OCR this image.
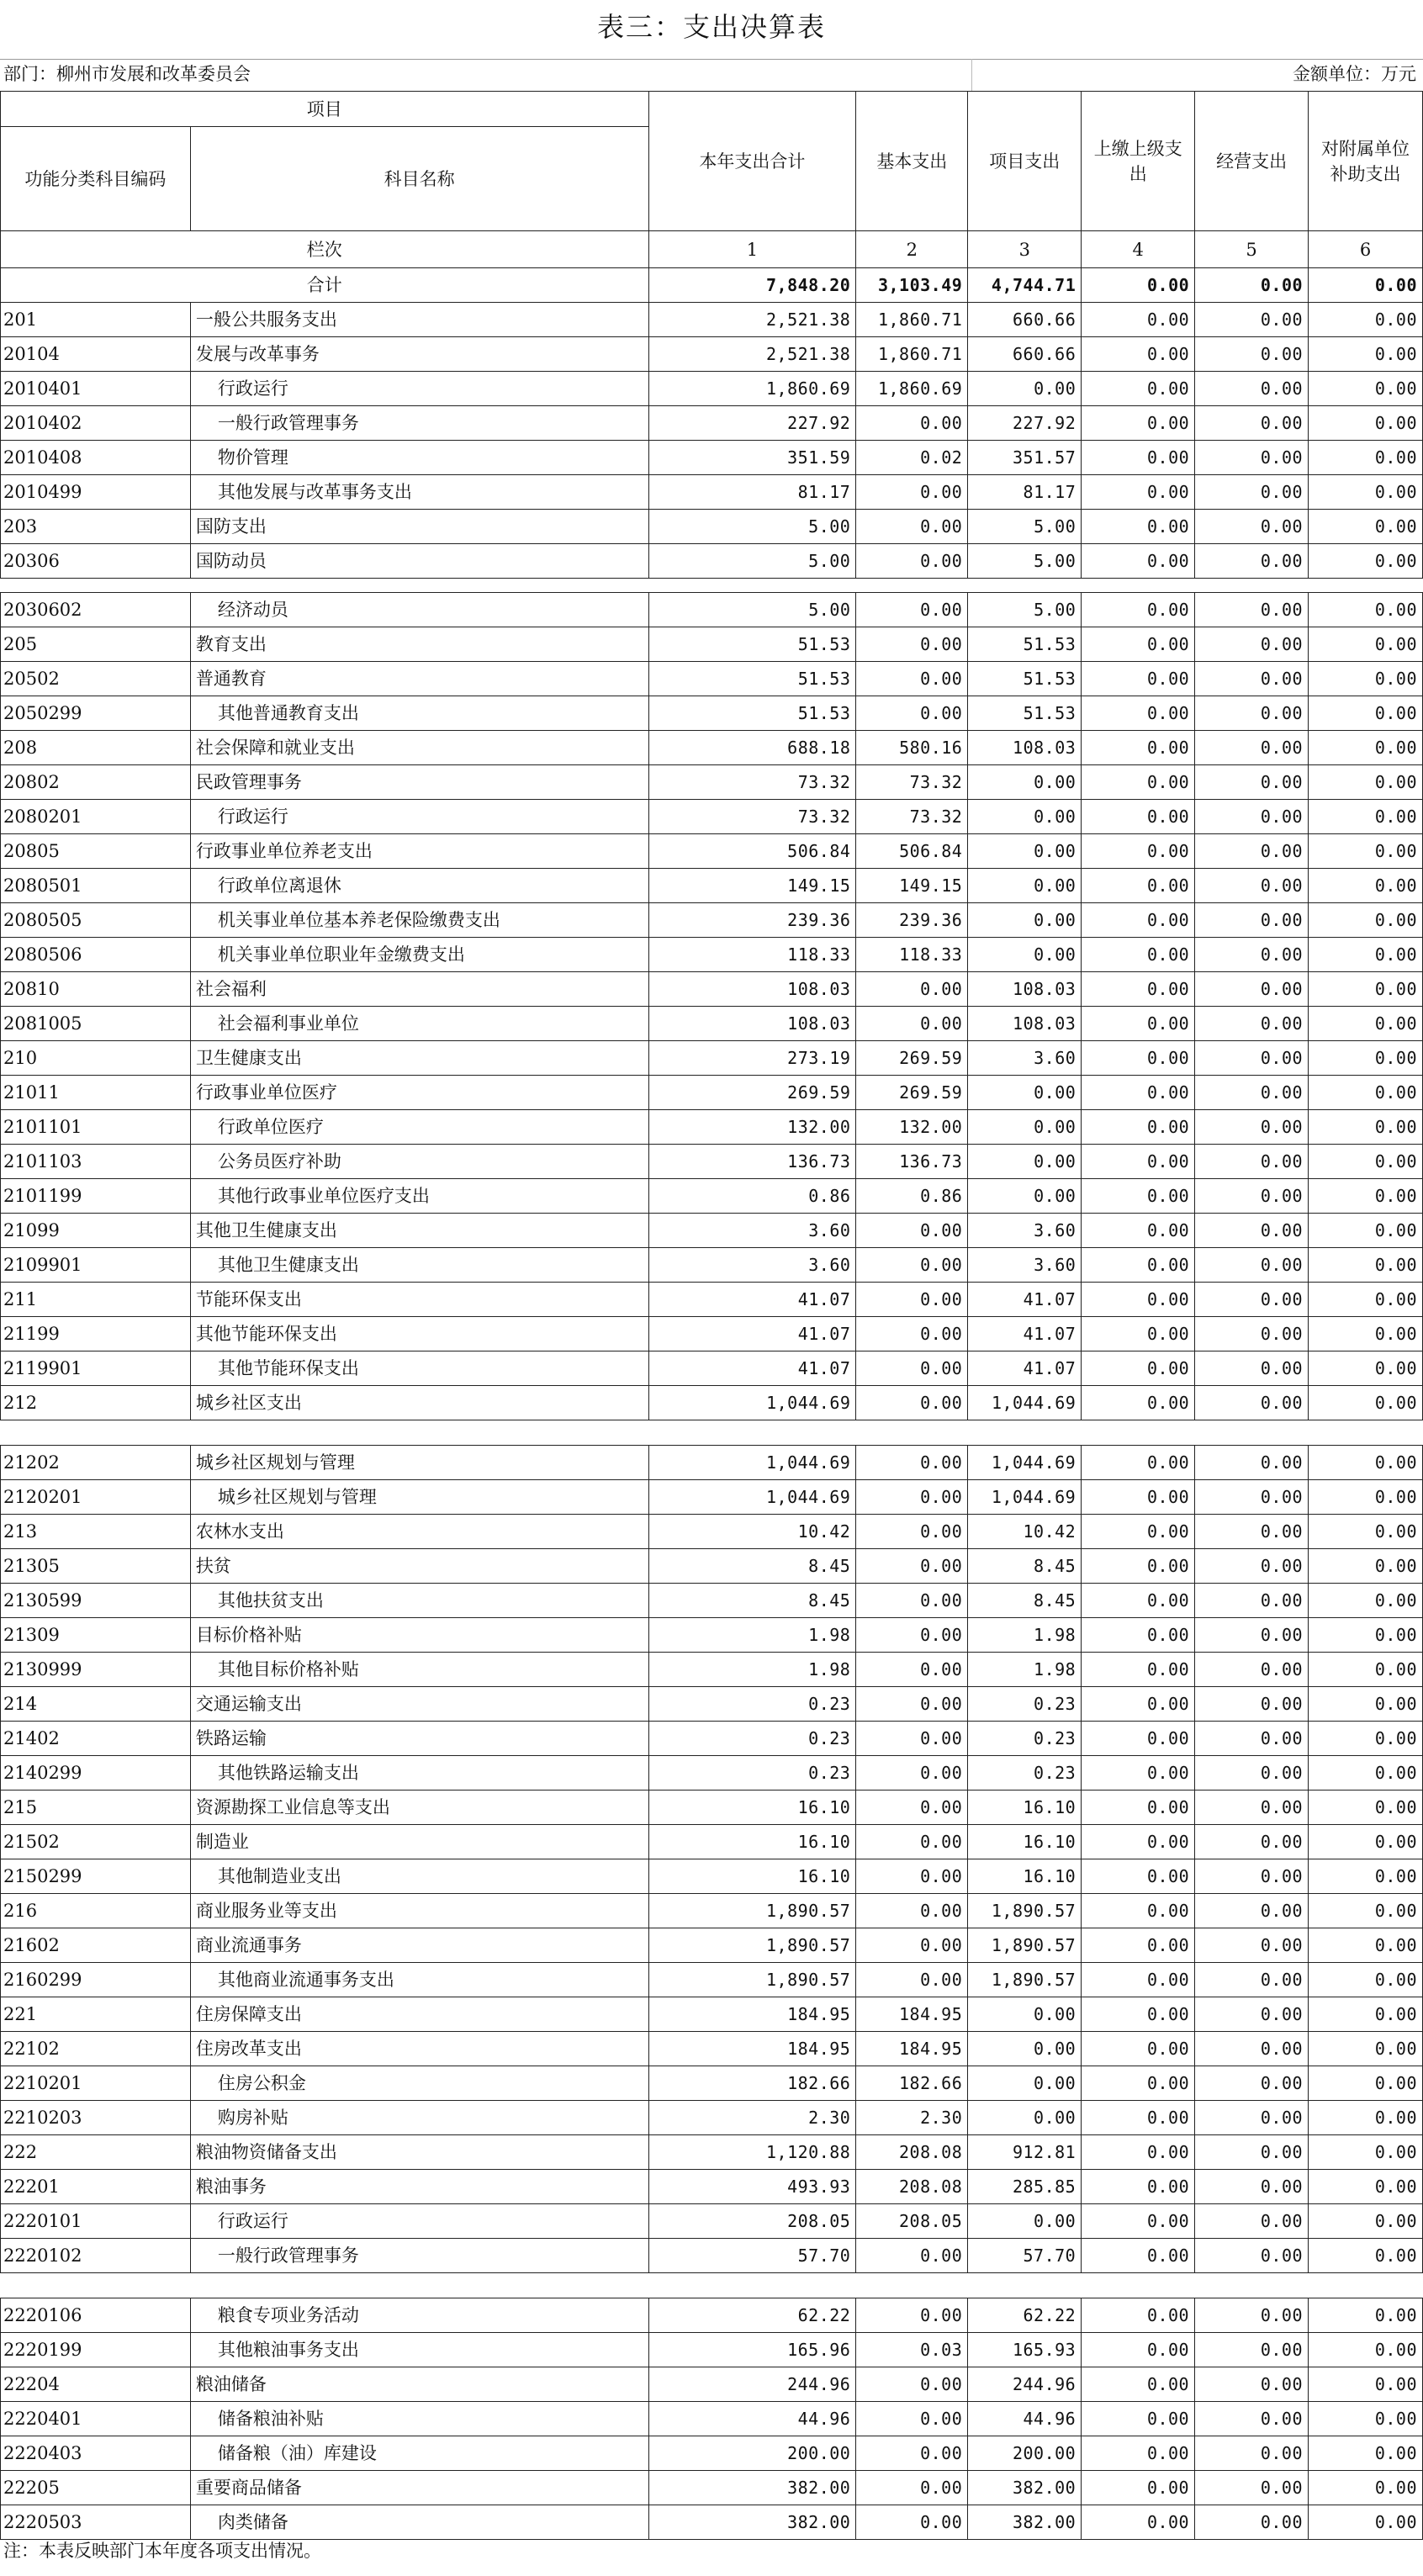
表三：支出决算表
部门：柳州市发展和改革委员会	金额单位：万元
项目		本年支出合计	基本支出	项目支出	上缴上级支出	经营支出	对附属单位补助支出
功能分类科目编码	科目名称						
栏次		1	2	3	4	5	6
合计		7,848.20	3,103.49	4,744.71	0.00	0.00	0.00
201	一般公共服务支出	2,521.38	1,860.71	660.66	0.00	0.00	0.00
20104	发展与改革事务	2,521.38	1,860.71	660.66	0.00	0.00	0.00
2010401	行政运行	1,860.69	1,860.69	0.00	0.00	0.00	0.00
2010402	一般行政管理事务	227.92	0.00	227.92	0.00	0.00	0.00
2010408	物价管理	351.59	0.02	351.57	0.00	0.00	0.00
2010499	其他发展与改革事务支出	81.17	0.00	81.17	0.00	0.00	0.00
203	国防支出	5.00	0.00	5.00	0.00	0.00	0.00
20306	国防动员	5.00	0.00	5.00	0.00	0.00	0.00
2030602	经济动员	5.00	0.00	5.00	0.00	0.00	0.00
205	教育支出	51.53	0.00	51.53	0.00	0.00	0.00
20502	普通教育	51.53	0.00	51.53	0.00	0.00	0.00
2050299	其他普通教育支出	51.53	0.00	51.53	0.00	0.00	0.00
208	社会保障和就业支出	688.18	580.16	108.03	0.00	0.00	0.00
20802	民政管理事务	73.32	73.32	0.00	0.00	0.00	0.00
2080201	行政运行	73.32	73.32	0.00	0.00	0.00	0.00
20805	行政事业单位养老支出	506.84	506.84	0.00	0.00	0.00	0.00
2080501	行政单位离退休	149.15	149.15	0.00	0.00	0.00	0.00
2080505	机关事业单位基本养老保险缴费支出	239.36	239.36	0.00	0.00	0.00	0.00
2080506	机关事业单位职业年金缴费支出	118.33	118.33	0.00	0.00	0.00	0.00
20810	社会福利	108.03	0.00	108.03	0.00	0.00	0.00
2081005	社会福利事业单位	108.03	0.00	108.03	0.00	0.00	0.00
210	卫生健康支出	273.19	269.59	3.60	0.00	0.00	0.00
21011	行政事业单位医疗	269.59	269.59	0.00	0.00	0.00	0.00
2101101	行政单位医疗	132.00	132.00	0.00	0.00	0.00	0.00
2101103	公务员医疗补助	136.73	136.73	0.00	0.00	0.00	0.00
2101199	其他行政事业单位医疗支出	0.86	0.86	0.00	0.00	0.00	0.00
21099	其他卫生健康支出	3.60	0.00	3.60	0.00	0.00	0.00
2109901	其他卫生健康支出	3.60	0.00	3.60	0.00	0.00	0.00
211	节能环保支出	41.07	0.00	41.07	0.00	0.00	0.00
21199	其他节能环保支出	41.07	0.00	41.07	0.00	0.00	0.00
2119901	其他节能环保支出	41.07	0.00	41.07	0.00	0.00	0.00
212	城乡社区支出	1,044.69	0.00	1,044.69	0.00	0.00	0.00
21202	城乡社区规划与管理	1,044.69	0.00	1,044.69	0.00	0.00	0.00
2120201	城乡社区规划与管理	1,044.69	0.00	1,044.69	0.00	0.00	0.00
213	农林水支出	10.42	0.00	10.42	0.00	0.00	0.00
21305	扶贫	8.45	0.00	8.45	0.00	0.00	0.00
2130599	其他扶贫支出	8.45	0.00	8.45	0.00	0.00	0.00
21309	目标价格补贴	1.98	0.00	1.98	0.00	0.00	0.00
2130999	其他目标价格补贴	1.98	0.00	1.98	0.00	0.00	0.00
214	交通运输支出	0.23	0.00	0.23	0.00	0.00	0.00
21402	铁路运输	0.23	0.00	0.23	0.00	0.00	0.00
2140299	其他铁路运输支出	0.23	0.00	0.23	0.00	0.00	0.00
215	资源勘探工业信息等支出	16.10	0.00	16.10	0.00	0.00	0.00
21502	制造业	16.10	0.00	16.10	0.00	0.00	0.00
2150299	其他制造业支出	16.10	0.00	16.10	0.00	0.00	0.00
216	商业服务业等支出	1,890.57	0.00	1,890.57	0.00	0.00	0.00
21602	商业流通事务	1,890.57	0.00	1,890.57	0.00	0.00	0.00
2160299	其他商业流通事务支出	1,890.57	0.00	1,890.57	0.00	0.00	0.00
221	住房保障支出	184.95	184.95	0.00	0.00	0.00	0.00
22102	住房改革支出	184.95	184.95	0.00	0.00	0.00	0.00
2210201	住房公积金	182.66	182.66	0.00	0.00	0.00	0.00
2210203	购房补贴	2.30	2.30	0.00	0.00	0.00	0.00
222	粮油物资储备支出	1,120.88	208.08	912.81	0.00	0.00	0.00
22201	粮油事务	493.93	208.08	285.85	0.00	0.00	0.00
2220101	行政运行	208.05	208.05	0.00	0.00	0.00	0.00
2220102	一般行政管理事务	57.70	0.00	57.70	0.00	0.00	0.00
2220106	粮食专项业务活动	62.22	0.00	62.22	0.00	0.00	0.00
2220199	其他粮油事务支出	165.96	0.03	165.93	0.00	0.00	0.00
22204	粮油储备	244.96	0.00	244.96	0.00	0.00	0.00
2220401	储备粮油补贴	44.96	0.00	44.96	0.00	0.00	0.00
2220403	储备粮（油）库建设	200.00	0.00	200.00	0.00	0.00	0.00
22205	重要商品储备	382.00	0.00	382.00	0.00	0.00	0.00
2220503	肉类储备	382.00	0.00	382.00	0.00	0.00	0.00
注：本表反映部门本年度各项支出情况。
